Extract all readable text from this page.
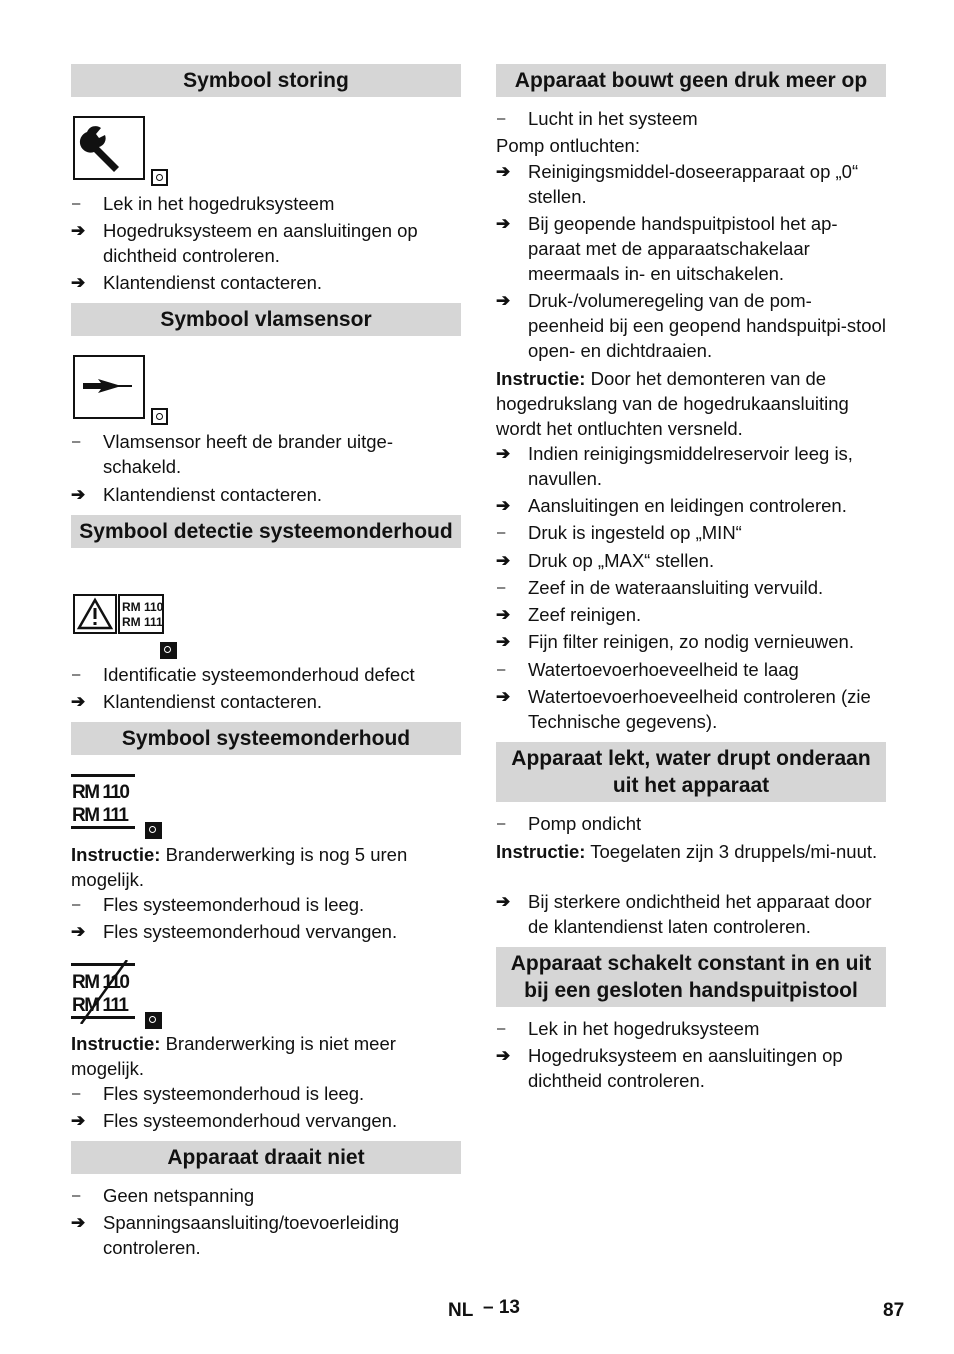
Symbool storing
–	Lek in het hogedruksysteem
➔ Hogedruksysteem en aansluitingen op dichtheid controleren.
➔ Klantendienst contacteren.
Symbool vlamsensor
–	Vlamsensor heeft de brander uitge-schakeld.
➔ Klantendienst contacteren.
Symbool detectie systeemonderhoud
RM 110
RM 111
–	Identificatie systeemonderhoud defect
➔ Klantendienst contacteren.
Symbool systeemonderhoud
RM 110
RM 111
Instructie: Branderwerking is nog 5 uren mogelijk.
–	Fles systeemonderhoud is leeg.
➔ Fles systeemonderhoud vervangen.
RM 110
RM 111
Instructie: Branderwerking is niet meer mogelijk.
–	Fles systeemonderhoud is leeg.
➔ Fles systeemonderhoud vervangen.
Apparaat draait niet
–	Geen netspanning
➔ Spanningsaansluiting/toevoerleiding controleren.
Apparaat bouwt geen druk meer op
–	Lucht in het systeem
Pomp ontluchten:
➔ Reinigingsmiddel-doseerapparaat op „0“ stellen.
➔ Bij geopende handspuitpistool het ap-paraat met de apparaatschakelaar meermaals in- en uitschakelen.
➔ Druk-/volumeregeling van de pom-peenheid bij een geopend handspuitpi-stool open- en dichtdraaien.
Instructie: Door het demonteren van de hogedrukslang van de hogedrukaansluiting wordt het ontluchten versneld.
➔ Indien reinigingsmiddelreservoir leeg is, navullen.
➔ Aansluitingen en leidingen controleren.
–	Druk is ingesteld op „MIN“
➔ Druk op „MAX“ stellen.
–	Zeef in de wateraansluiting vervuild.
➔ Zeef reinigen.
➔ Fijn filter reinigen, zo nodig vernieuwen.
–	Watertoevoerhoeveelheid te laag
➔ Watertoevoerhoeveelheid controleren (zie Technische gegevens).
Apparaat lekt, water drupt onderaan uit het apparaat
–	Pomp ondicht
Instructie: Toegelaten zijn 3 druppels/mi-nuut.
➔ Bij sterkere ondichtheid het apparaat door de klantendienst laten controleren.
Apparaat schakelt constant in en uit bij een gesloten handspuitpistool
–	Lek in het hogedruksysteem
➔ Hogedruksysteem en aansluitingen op dichtheid controleren.
NL – 13	87
